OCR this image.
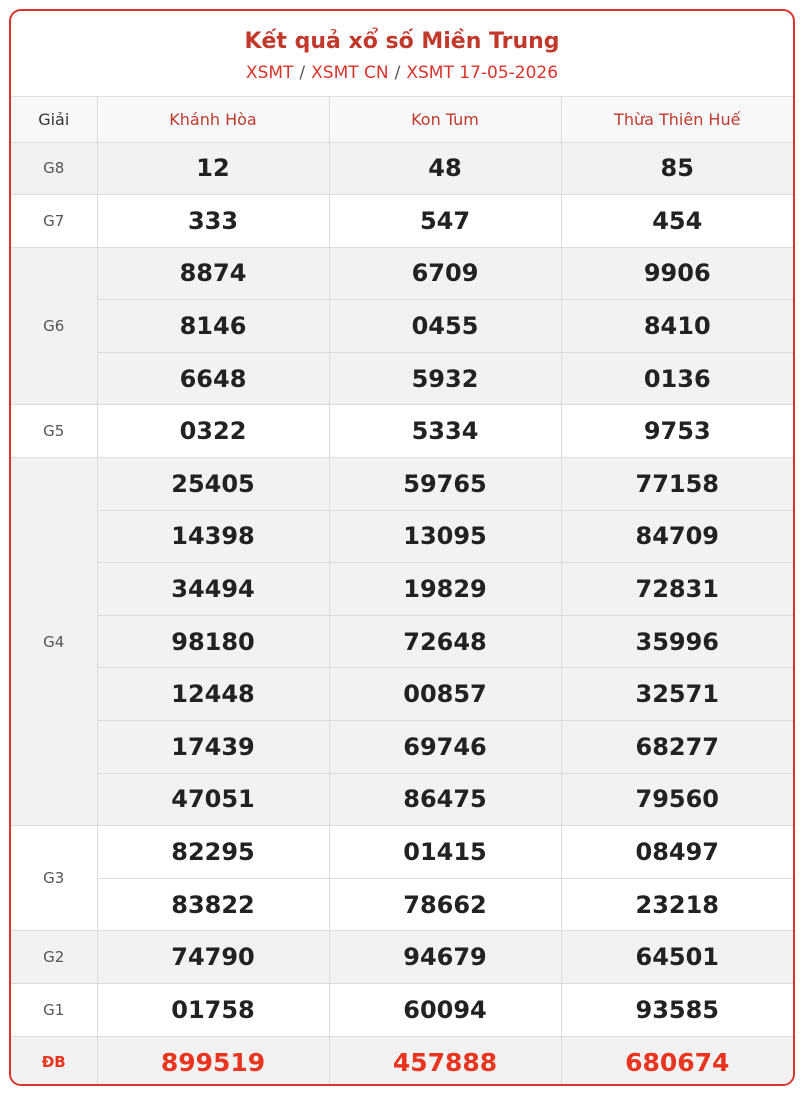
Kết quả xổ số Miền Trung
XSMT / XSMT CN / XSMT 17-05-2026
Giải	Khánh Hòa	Kon Tum	Thừa Thiên Huế
G8	12	48	85
G7	333	547	454
G6	8874	6709	9906
	8146	0455	8410
	6648	5932	0136
G5	0322	5334	9753
G4	25405	59765	77158
	14398	13095	84709
	34494	19829	72831
	98180	72648	35996
	12448	00857	32571
	17439	69746	68277
	47051	86475	79560
G3	82295	01415	08497
	83822	78662	23218
G2	74790	94679	64501
G1	01758	60094	93585
ĐB	899519	457888	680674
